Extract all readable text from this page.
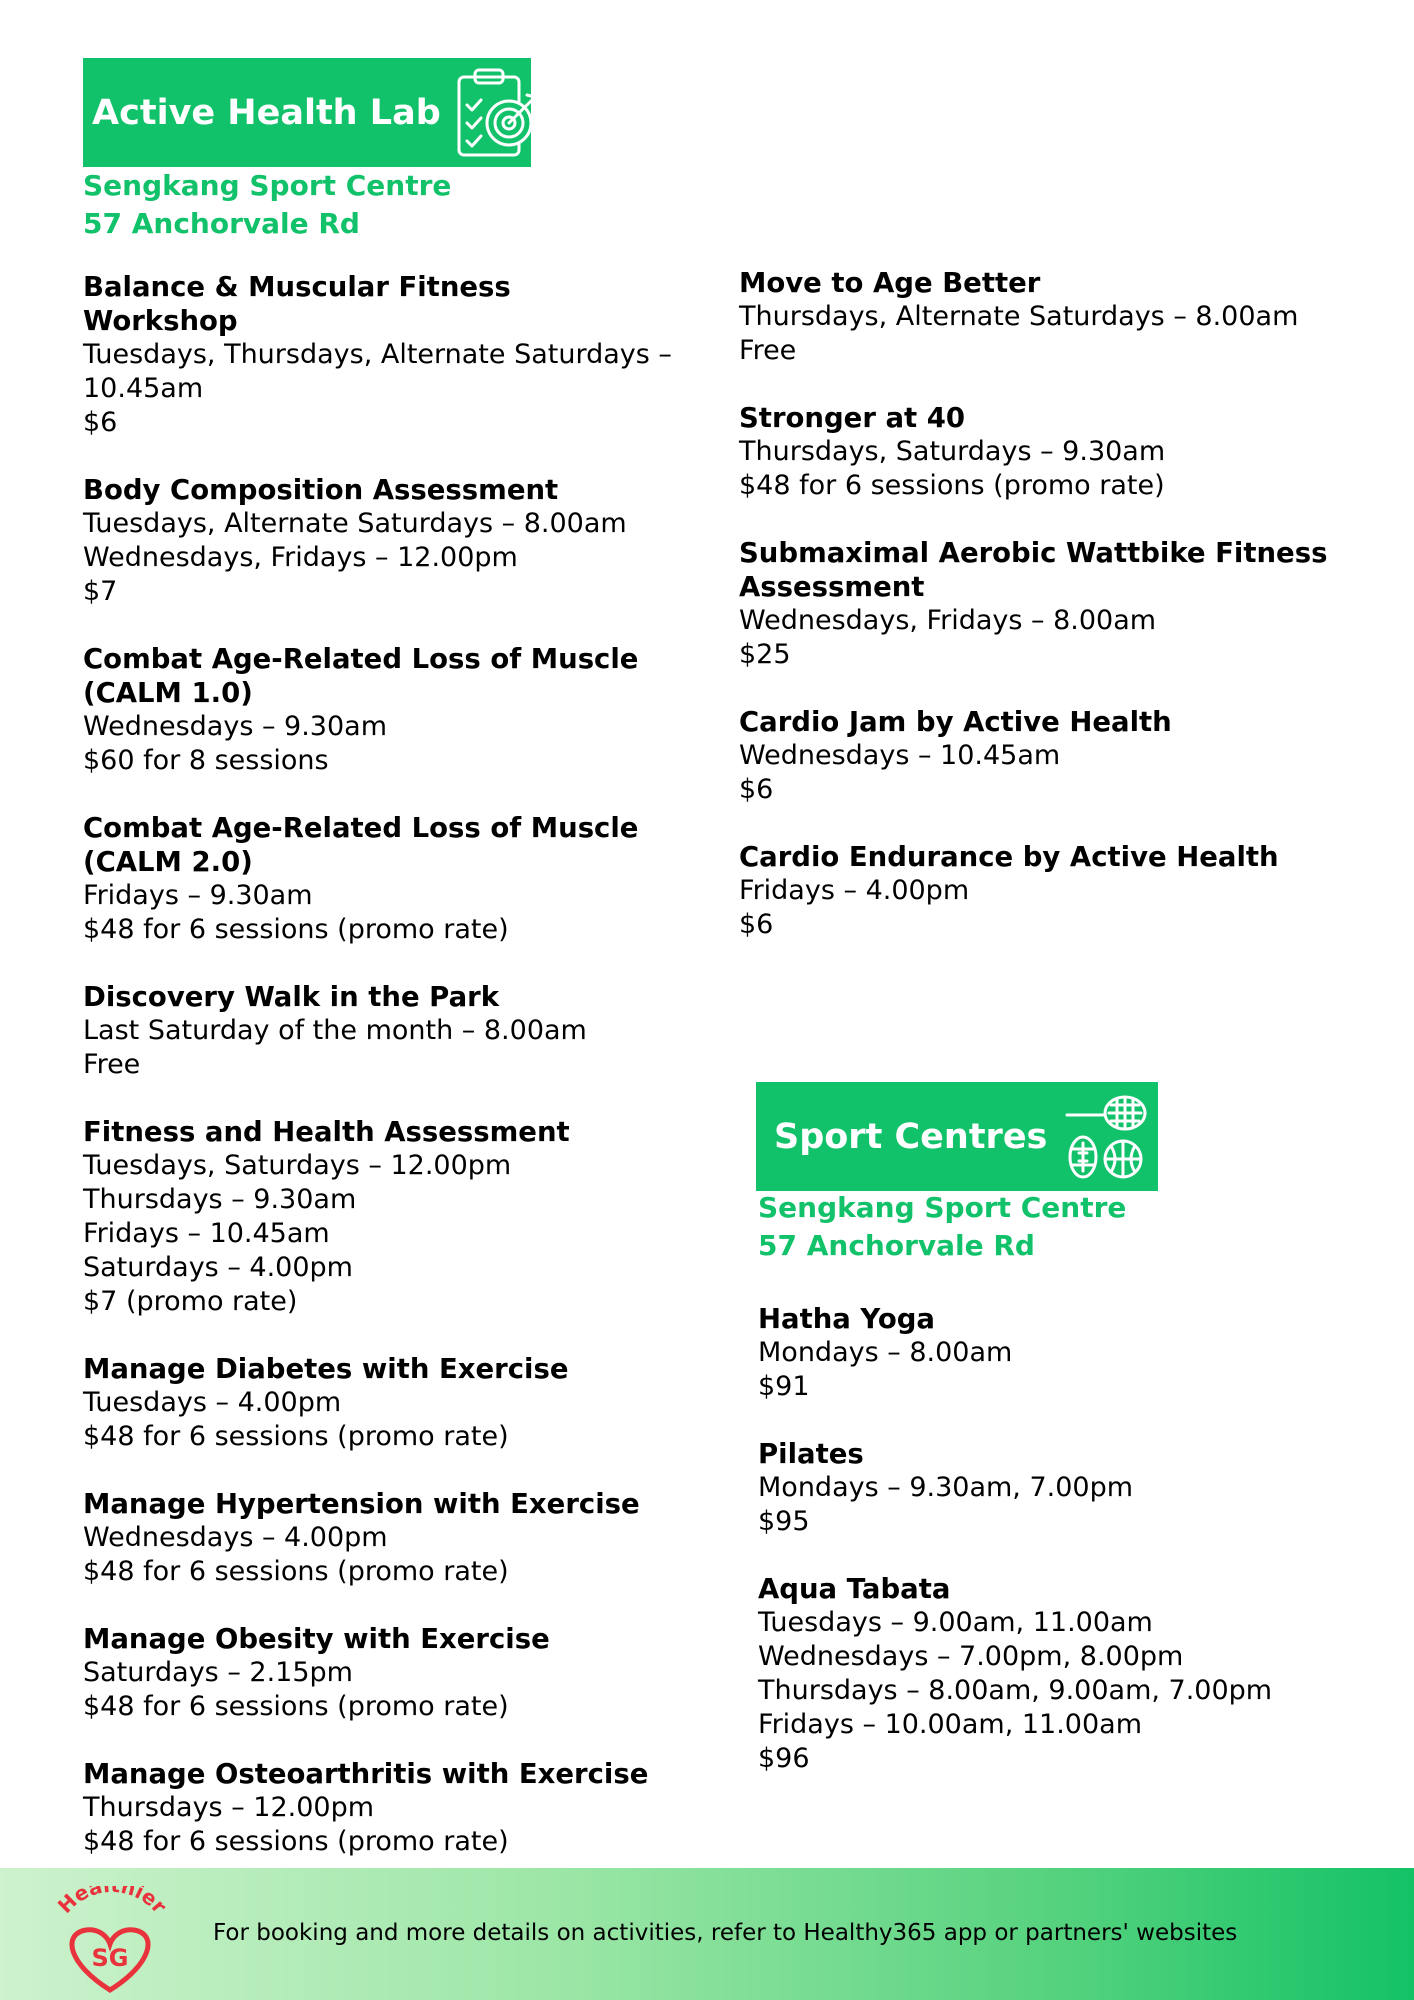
Active Health Lab
Sengkang Sport Centre
57 Anchorvale Rd
Balance & Muscular Fitness Workshop
Tuesdays, Thursdays, Alternate Saturdays –
10.45am
$6
Body Composition Assessment
Tuesdays, Alternate Saturdays – 8.00am
Wednesdays, Fridays – 12.00pm
$7
Combat Age-Related Loss of Muscle (CALM 1.0)
Wednesdays – 9.30am
$60 for 8 sessions
Combat Age-Related Loss of Muscle (CALM 2.0)
Fridays – 9.30am
$48 for 6 sessions (promo rate)
Discovery Walk in the Park
Last Saturday of the month – 8.00am
Free
Fitness and Health Assessment
Tuesdays, Saturdays – 12.00pm
Thursdays – 9.30am
Fridays – 10.45am
Saturdays – 4.00pm
$7 (promo rate)
Manage Diabetes with Exercise
Tuesdays – 4.00pm
$48 for 6 sessions (promo rate)
Manage Hypertension with Exercise
Wednesdays – 4.00pm
$48 for 6 sessions (promo rate)
Manage Obesity with Exercise
Saturdays – 2.15pm
$48 for 6 sessions (promo rate)
Manage Osteoarthritis with Exercise
Thursdays – 12.00pm
$48 for 6 sessions (promo rate)
Move to Age Better
Thursdays, Alternate Saturdays – 8.00am
Free
Stronger at 40
Thursdays, Saturdays – 9.30am
$48 for 6 sessions (promo rate)
Submaximal Aerobic Wattbike Fitness Assessment
Wednesdays, Fridays – 8.00am
$25
Cardio Jam by Active Health
Wednesdays – 10.45am
$6
Cardio Endurance by Active Health
Fridays – 4.00pm
$6
Sport Centres
Sengkang Sport Centre
57 Anchorvale Rd
Hatha Yoga
Mondays – 8.00am
$91
Pilates
Mondays – 9.30am, 7.00pm
$95
Aqua Tabata
Tuesdays – 9.00am, 11.00am
Wednesdays – 7.00pm, 8.00pm
Thursdays – 8.00am, 9.00am, 7.00pm
Fridays – 10.00am, 11.00am
$96
Hea hier
SG
For booking and more details on activities, refer to Healthy365 app or partners' websites
